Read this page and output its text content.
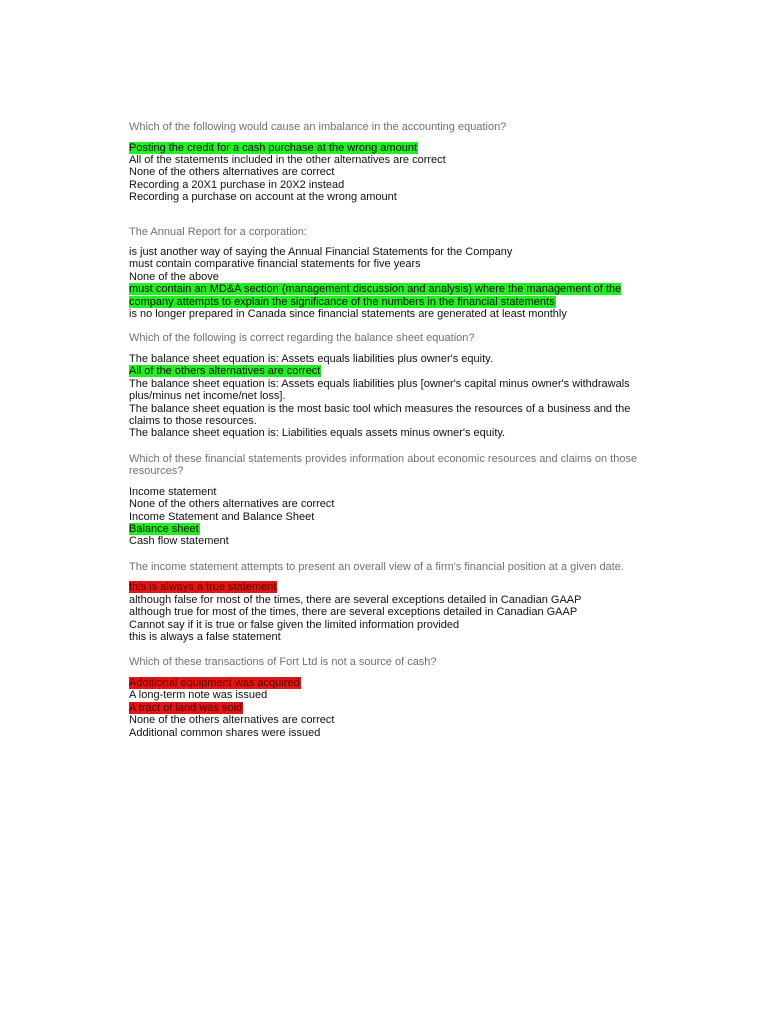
Which of the following would cause an imbalance in the accounting equation?

Posting the credit for a cash purchase at the wrong amount
All of the statements included in the other alternatives are correct
None of the others alternatives are correct
Recording a 20X1 purchase in 20X2 instead
Recording a purchase on account at the wrong amount

The Annual Report for a corporation:

is just another way of saying the Annual Financial Statements for the Company
must contain comparative financial statements for five years
None of the above
must contain an MD&A section (management discussion and analysis) where the management of the company attempts to explain the significance of the numbers in the financial statements
is no longer prepared in Canada since financial statements are generated at least monthly

Which of the following is correct regarding the balance sheet equation?

The balance sheet equation is: Assets equals liabilities plus owner's equity.
All of the others alternatives are correct
The balance sheet equation is: Assets equals liabilities plus [owner's capital minus owner's withdrawals plus/minus net income/net loss].
The balance sheet equation is the most basic tool which measures the resources of a business and the claims to those resources.
The balance sheet equation is: Liabilities equals assets minus owner's equity.

Which of these financial statements provides information about economic resources and claims on those resources?

Income statement
None of the others alternatives are correct
Income Statement and Balance Sheet
Balance sheet
Cash flow statement

The income statement attempts to present an overall view of a firm's financial position at a given date.

this is always a true statement
although false for most of the times, there are several exceptions detailed in Canadian GAAP
although true for most of the times, there are several exceptions detailed in Canadian GAAP
Cannot say if it is true or false given the limited information provided
this is always a false statement

Which of these transactions of Fort Ltd is not a source of cash?

Additional equipment was acquired
A long-term note was issued
A tract of land was sold
None of the others alternatives are correct
Additional common shares were issued
